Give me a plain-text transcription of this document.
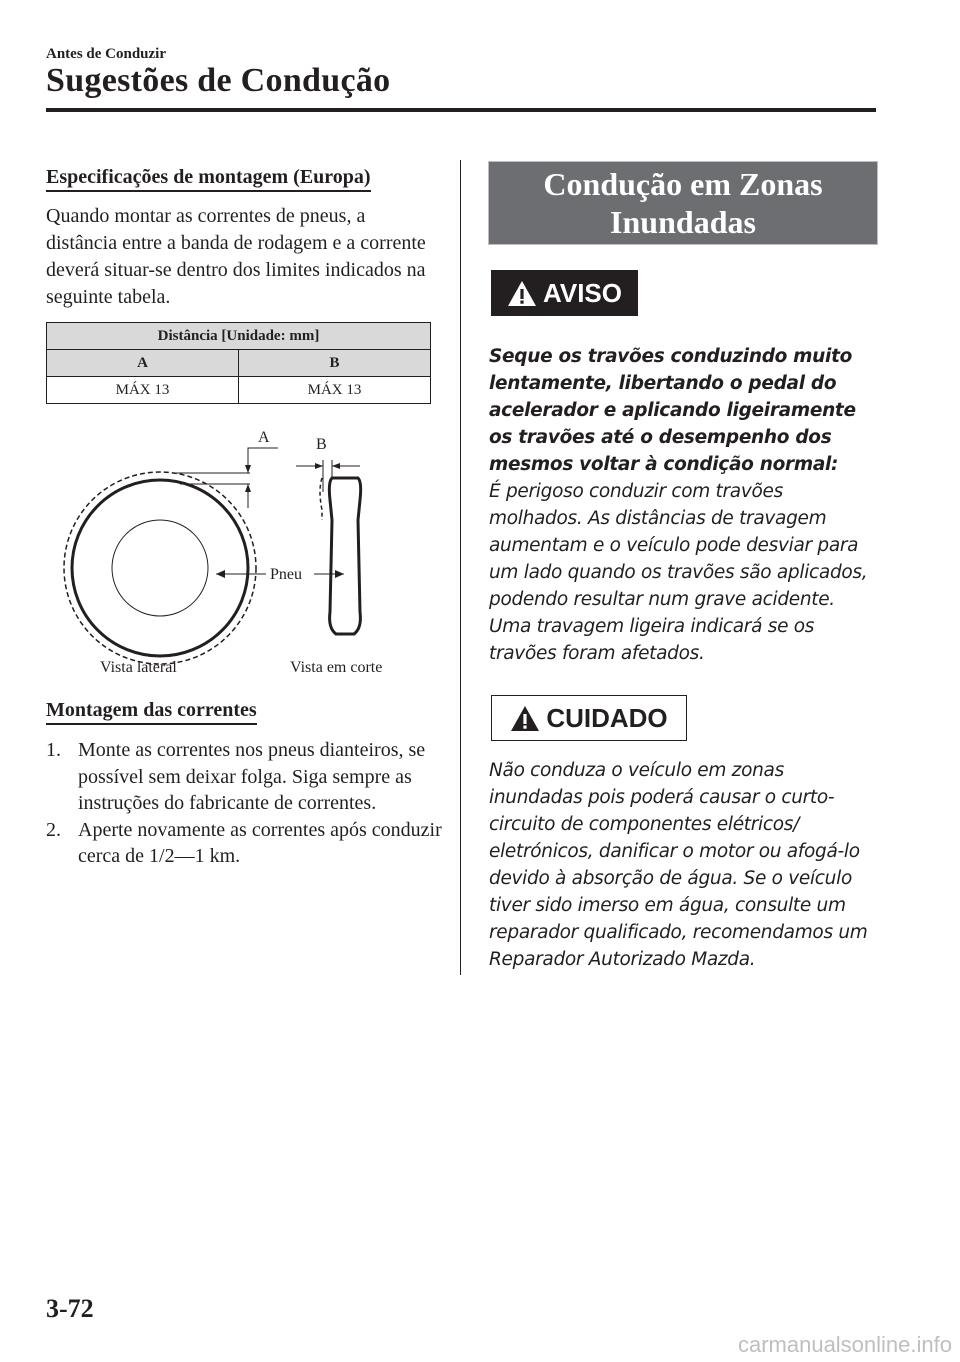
Antes de Conduzir
Sugestões de Condução
Especificações de montagem (Europa)
Quando montar as correntes de pneus, a distância entre a banda de rodagem e a corrente deverá situar-se dentro dos limites indicados na seguinte tabela.
Distância [Unidade: mm]	
A	B
MÁX 13	MÁX 13
A	B
Pneu
Vista lateral	Vista em corte
Montagem das correntes
1. Monte as correntes nos pneus dianteiros, se possível sem deixar folga. Siga sempre as instruções do fabricante de correntes.
2. Aperte novamente as correntes após conduzir cerca de 1/2—1 km.
Condução em Zonas Inundadas
AVISO
Seque os travões conduzindo muito lentamente, libertando o pedal do acelerador e aplicando ligeiramente os travões até o desempenho dos mesmos voltar à condição normal:
É perigoso conduzir com travões molhados. As distâncias de travagem aumentam e o veículo pode desviar para um lado quando os travões são aplicados, podendo resultar num grave acidente. Uma travagem ligeira indicará se os travões foram afetados.
CUIDADO
Não conduza o veículo em zonas inundadas pois poderá causar o curto-circuito de componentes elétricos/ eletrónicos, danificar o motor ou afogá-lo devido à absorção de água. Se o veículo tiver sido imerso em água, consulte um reparador qualificado, recomendamos um Reparador Autorizado Mazda.
3-72
carmanualsonline.info
